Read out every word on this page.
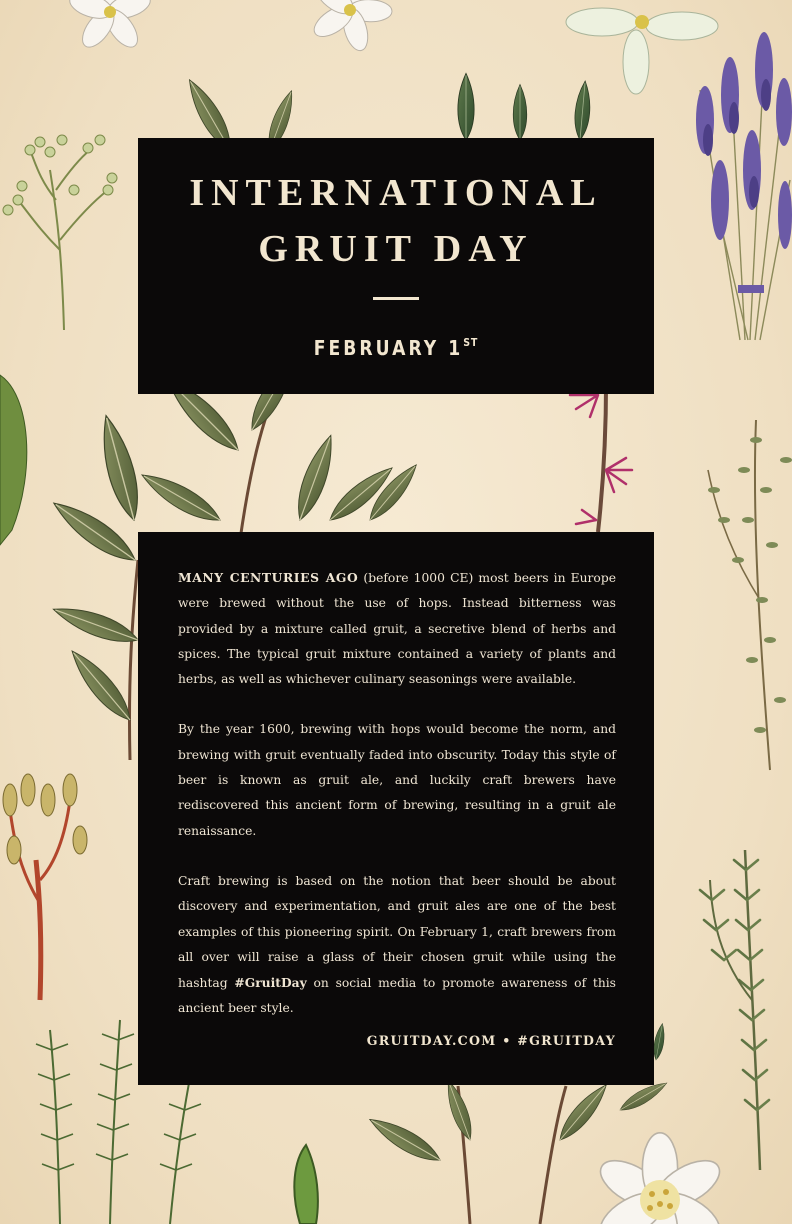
INTERNATIONAL
GRUIT DAY
FEBRUARY 1ST

MANY CENTURIES AGO (before 1000 CE) most beers in Europe were brewed without the use of hops. Instead bitterness was provided by a mixture called gruit, a secretive blend of herbs and spices. The typical gruit mixture contained a variety of plants and herbs, as well as whichever culinary seasonings were available.

By the year 1600, brewing with hops would become the norm, and brewing with gruit eventually faded into obscurity. Today this style of beer is known as gruit ale, and luckily craft brewers have rediscovered this ancient form of brewing, resulting in a gruit ale renaissance.

Craft brewing is based on the notion that beer should be about discovery and experimentation, and gruit ales are one of the best examples of this pioneering spirit. On February 1, craft brewers from all over will raise a glass of their chosen gruit while using the hashtag #GruitDay on social media to promote awareness of this ancient beer style.

GRUITDAY.COM • #GRUITDAY
